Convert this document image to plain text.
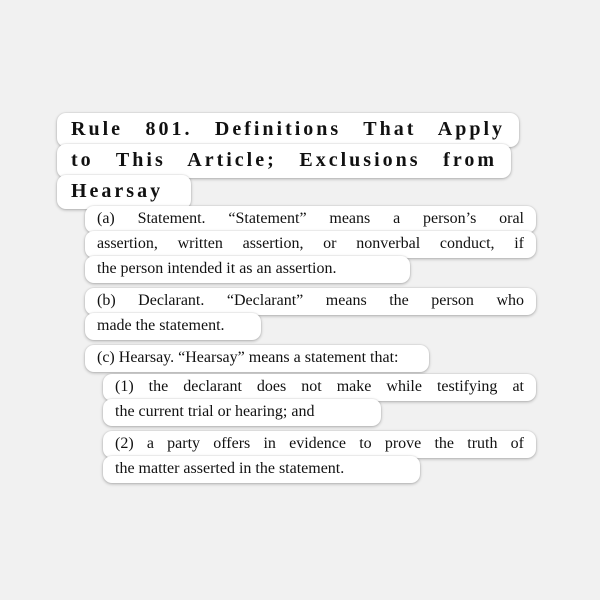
Rule 801. Definitions That Apply
to This Article; Exclusions from
Hearsay
(a) Statement. “Statement” means a person’s oral
assertion, written assertion, or nonverbal conduct, if
the person intended it as an assertion.
(b) Declarant. “Declarant” means the person who
made the statement.
(c) Hearsay. “Hearsay” means a statement that:
(1) the declarant does not make while testifying at
the current trial or hearing; and
(2) a party offers in evidence to prove the truth of
the matter asserted in the statement.
